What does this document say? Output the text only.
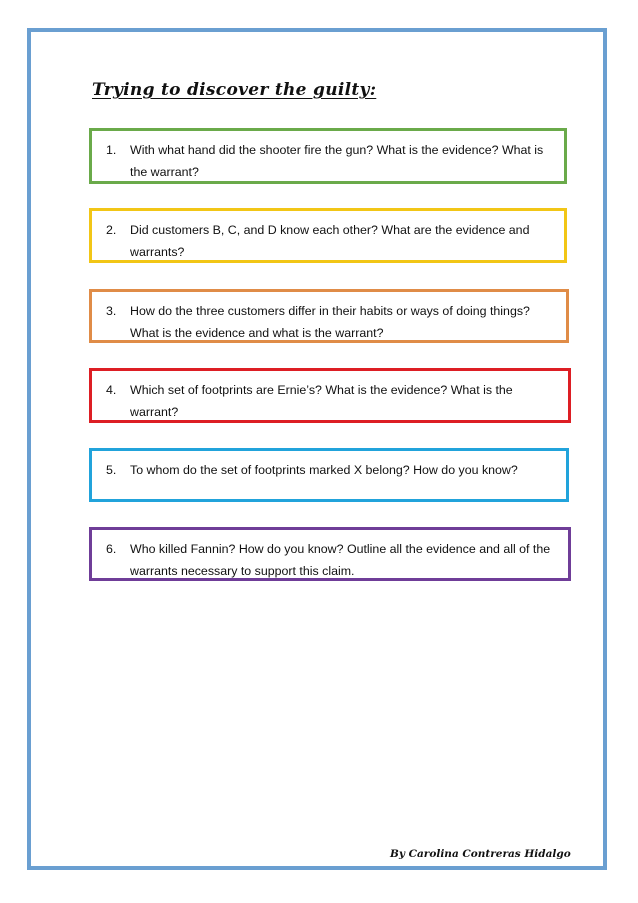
Trying to discover the guilty:
1.	With what hand did the shooter fire the gun? What is the evidence? What is the warrant?
2.	Did customers B, C, and D know each other? What are the evidence and warrants?
3.	How do the three customers differ in their habits or ways of doing things? What is the evidence and what is the warrant?
4.	Which set of footprints are Ernie’s? What is the evidence? What is the warrant?
5.	To whom do the set of footprints marked X belong? How do you know?
6.	Who killed Fannin? How do you know? Outline all the evidence and all of the warrants necessary to support this claim.
By Carolina Contreras Hidalgo
